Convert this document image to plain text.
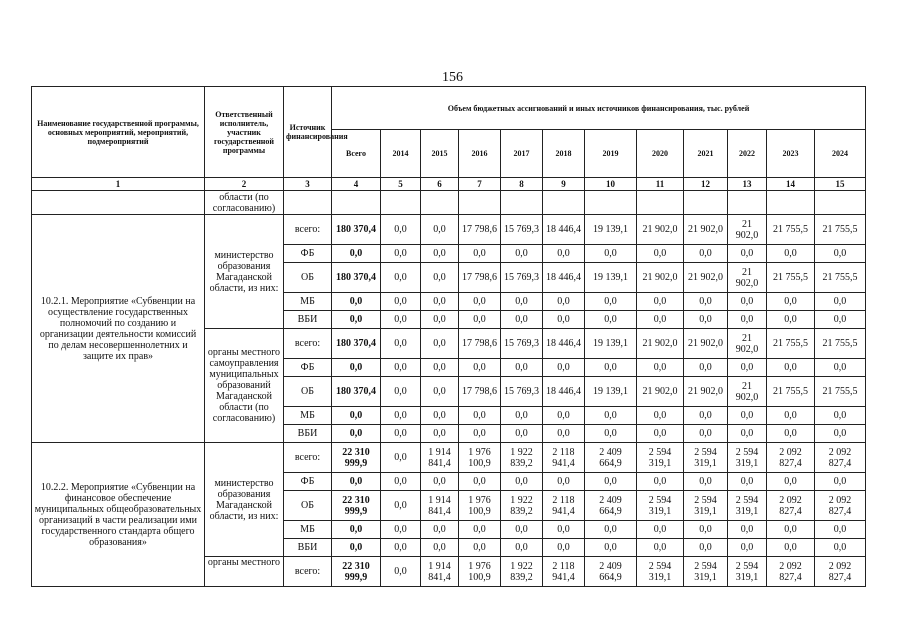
156
Наименование государственной программы, основных мероприятий, мероприятий, подмероприятий	Ответственный исполнитель, участник государственной программы	Источник финансирования	Объем бюджетных ассигнований и иных источников финансирования, тыс. рублей											
			Всего	2014	2015	2016	2017	2018	2019	2020	2021	2022	2023	2024
1	2	3	4	5	6	7	8	9	10	11	12	13	14	15
	области (по согласованию)													
10.2.1. Мероприятие «Субвенции на осуществление государственных полномочий по созданию и организации деятельности комиссий по делам несовершеннолетних и защите их прав»	министерство образования Магаданской области, из них:	всего:	180 370,4	0,0	0,0	17 798,6	15 769,3	18 446,4	19 139,1	21 902,0	21 902,0	21 902,0	21 755,5	21 755,5
		ФБ	0,0	0,0	0,0	0,0	0,0	0,0	0,0	0,0	0,0	0,0	0,0	0,0
		ОБ	180 370,4	0,0	0,0	17 798,6	15 769,3	18 446,4	19 139,1	21 902,0	21 902,0	21 902,0	21 755,5	21 755,5
		МБ	0,0	0,0	0,0	0,0	0,0	0,0	0,0	0,0	0,0	0,0	0,0	0,0
		ВБИ	0,0	0,0	0,0	0,0	0,0	0,0	0,0	0,0	0,0	0,0	0,0	0,0
	органы местного самоуправления муниципальных образований Магаданской области (по согласованию)	всего:	180 370,4	0,0	0,0	17 798,6	15 769,3	18 446,4	19 139,1	21 902,0	21 902,0	21 902,0	21 755,5	21 755,5
		ФБ	0,0	0,0	0,0	0,0	0,0	0,0	0,0	0,0	0,0	0,0	0,0	0,0
		ОБ	180 370,4	0,0	0,0	17 798,6	15 769,3	18 446,4	19 139,1	21 902,0	21 902,0	21 902,0	21 755,5	21 755,5
		МБ	0,0	0,0	0,0	0,0	0,0	0,0	0,0	0,0	0,0	0,0	0,0	0,0
		ВБИ	0,0	0,0	0,0	0,0	0,0	0,0	0,0	0,0	0,0	0,0	0,0	0,0
10.2.2. Мероприятие «Субвенции на финансовое обеспечение муниципальных общеобразовательных организаций в части реализации ими государственного стандарта общего образования»	министерство образования Магаданской области, из них:	всего:	22 310 999,9	0,0	1 914 841,4	1 976 100,9	1 922 839,2	2 118 941,4	2 409 664,9	2 594 319,1	2 594 319,1	2 594 319,1	2 092 827,4	2 092 827,4
		ФБ	0,0	0,0	0,0	0,0	0,0	0,0	0,0	0,0	0,0	0,0	0,0	0,0
		ОБ	22 310 999,9	0,0	1 914 841,4	1 976 100,9	1 922 839,2	2 118 941,4	2 409 664,9	2 594 319,1	2 594 319,1	2 594 319,1	2 092 827,4	2 092 827,4
		МБ	0,0	0,0	0,0	0,0	0,0	0,0	0,0	0,0	0,0	0,0	0,0	0,0
		ВБИ	0,0	0,0	0,0	0,0	0,0	0,0	0,0	0,0	0,0	0,0	0,0	0,0
	органы местного	всего:	22 310 999,9	0,0	1 914 841,4	1 976 100,9	1 922 839,2	2 118 941,4	2 409 664,9	2 594 319,1	2 594 319,1	2 594 319,1	2 092 827,4	2 092 827,4
